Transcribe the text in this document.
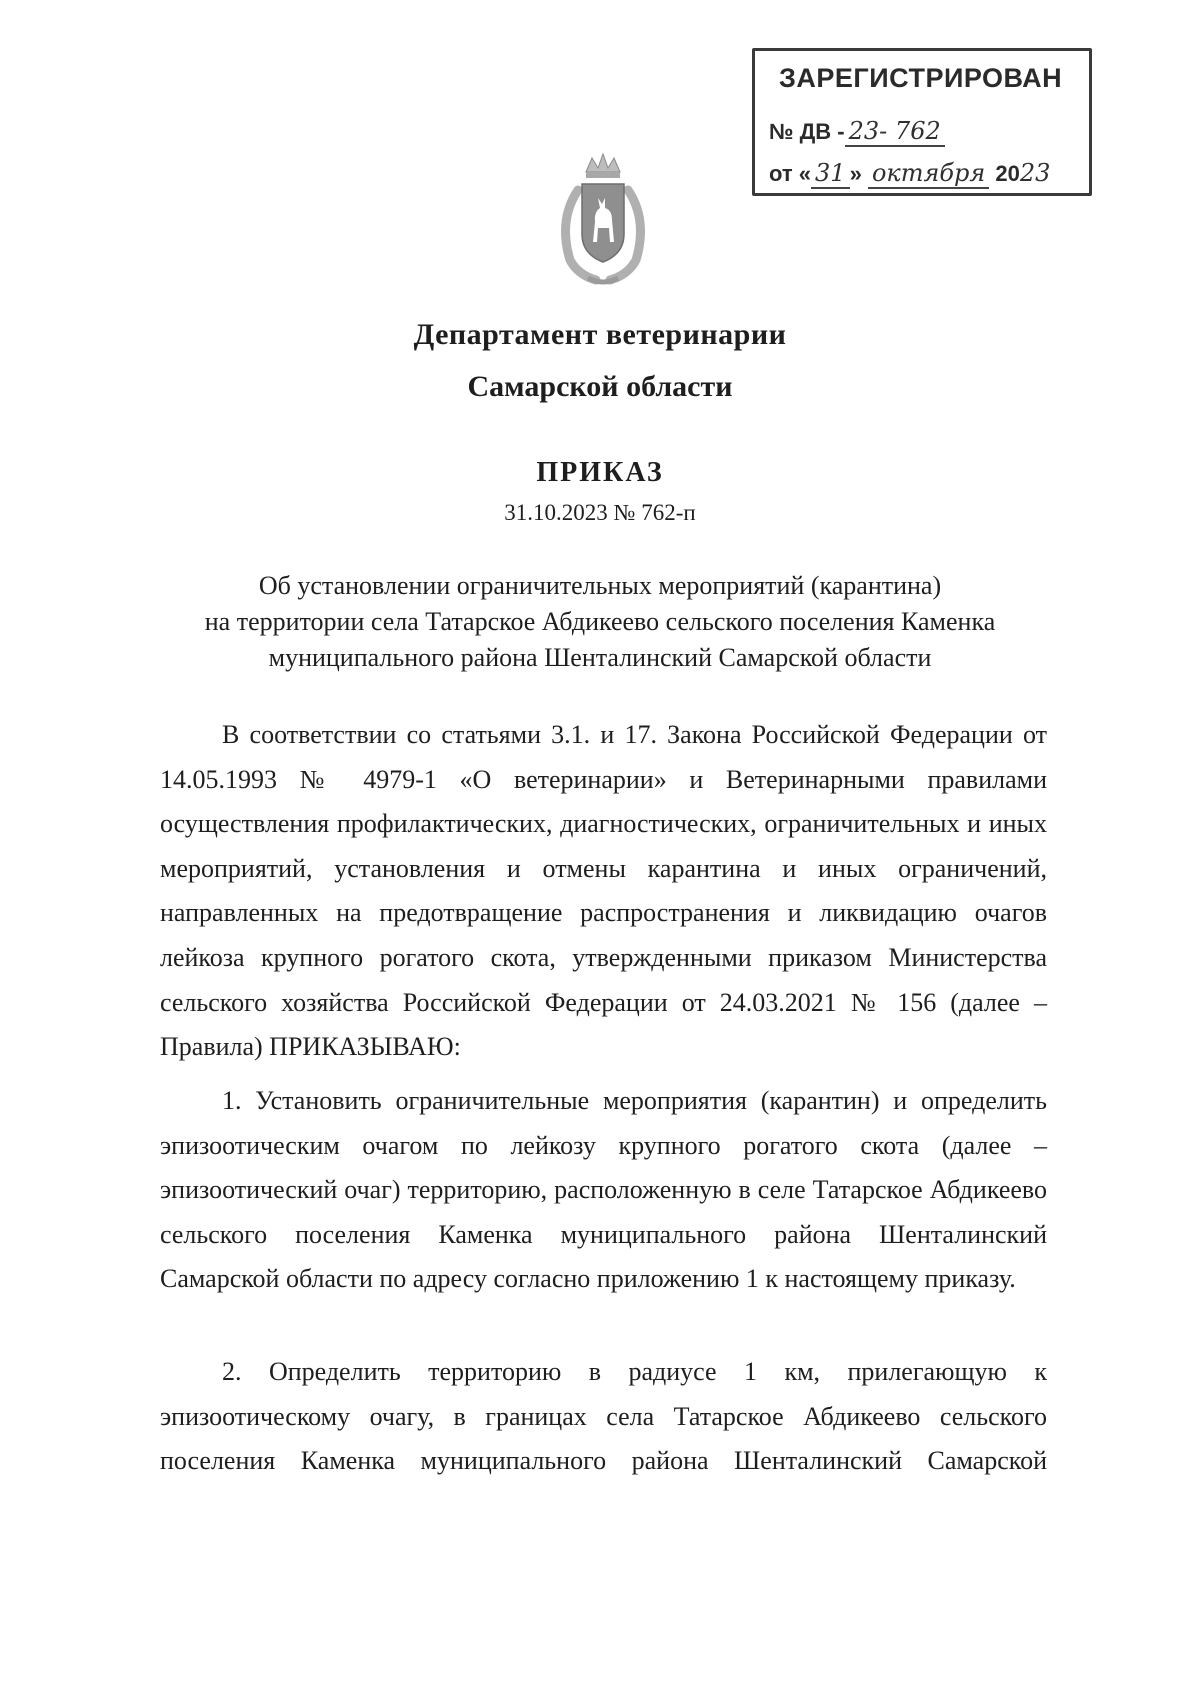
ЗАРЕГИСТРИРОВАН
№ ДВ - 23- 762
от « 31 » октября 2023
Департамент ветеринарии
Самарской области
ПРИКАЗ
31.10.2023 № 762-п
Об установлении ограничительных мероприятий (карантина)
на территории села Татарское Абдикеево сельского поселения Каменка
муниципального района Шенталинский Самарской области

В соответствии со статьями 3.1. и 17. Закона Российской Федерации от 14.05.1993 № 4979-1 «О ветеринарии» и Ветеринарными правилами осуществления профилактических, диагностических, ограничительных и иных мероприятий, установления и отмены карантина и иных ограничений, направленных на предотвращение распространения и ликвидацию очагов лейкоза крупного рогатого скота, утвержденными приказом Министерства сельского хозяйства Российской Федерации от 24.03.2021 № 156 (далее – Правила) ПРИКАЗЫВАЮ:

1. Установить ограничительные мероприятия (карантин) и определить эпизоотическим очагом по лейкозу крупного рогатого скота (далее – эпизоотический очаг) территорию, расположенную в селе Татарское Абдикеево сельского поселения Каменка муниципального района Шенталинский Самарской области по адресу согласно приложению 1 к настоящему приказу.

2. Определить территорию в радиусе 1 км, прилегающую к эпизоотическому очагу, в границах села Татарское Абдикеево сельского поселения Каменка муниципального района Шенталинский Самарской
